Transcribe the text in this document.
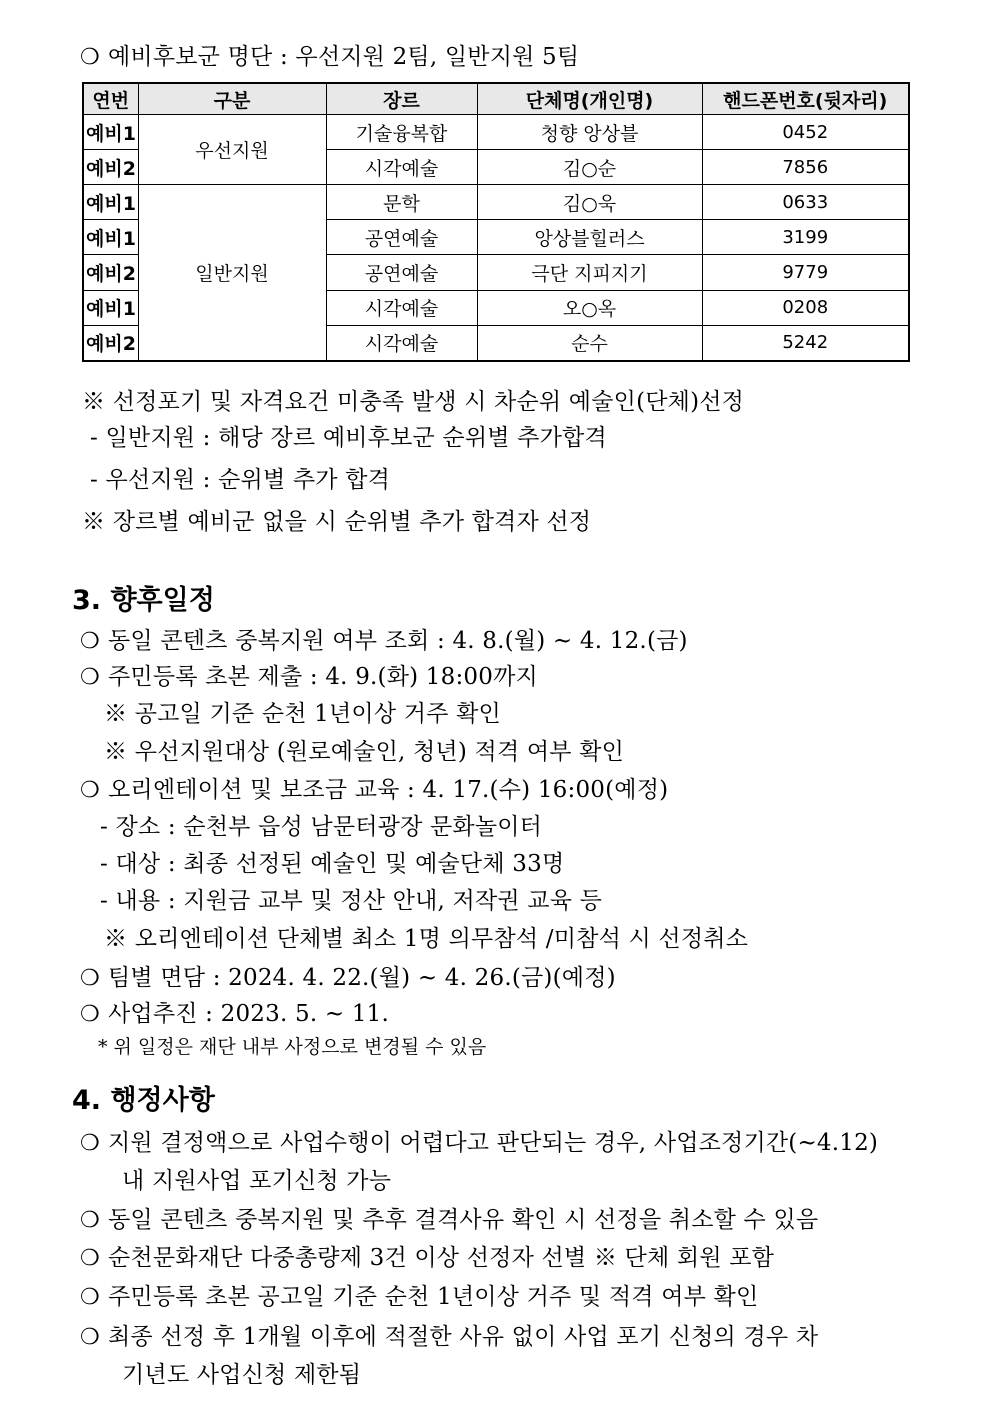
❍ 예비후보군 명단 : 우선지원 2팀, 일반지원 5팀
연번	구분	장르	단체명(개인명)	핸드폰번호(뒷자리)
예비1	우선지원	기술융복합	청향 앙상블	0452
예비2		시각예술	김○순	7856
예비1	일반지원	문학	김○욱	0633
예비1		공연예술	앙상블힐러스	3199
예비2		공연예술	극단 지피지기	9779
예비1		시각예술	오○옥	0208
예비2		시각예술	순수	5242
※ 선정포기 및 자격요건 미충족 발생 시 차순위 예술인(단체)선정
- 일반지원 : 해당 장르 예비후보군 순위별 추가합격
- 우선지원 : 순위별 추가 합격
※ 장르별 예비군 없을 시 순위별 추가 합격자 선정
3. 향후일정
❍ 동일 콘텐츠 중복지원 여부 조회 : 4. 8.(월) ~ 4. 12.(금)
❍ 주민등록 초본 제출 : 4. 9.(화) 18:00까지
※ 공고일 기준 순천 1년이상 거주 확인
※ 우선지원대상 (원로예술인, 청년) 적격 여부 확인
❍ 오리엔테이션 및 보조금 교육 : 4. 17.(수) 16:00(예정)
- 장소 : 순천부 읍성 남문터광장 문화놀이터
- 대상 : 최종 선정된 예술인 및 예술단체 33명
- 내용 : 지원금 교부 및 정산 안내, 저작권 교육 등
※ 오리엔테이션 단체별 최소 1명 의무참석 /미참석 시 선정취소
❍ 팀별 면담 : 2024. 4. 22.(월) ~ 4. 26.(금)(예정)
❍ 사업추진 : 2023. 5. ~ 11.
* 위 일정은 재단 내부 사정으로 변경될 수 있음
4. 행정사항
❍ 지원 결정액으로 사업수행이 어렵다고 판단되는 경우, 사업조정기간(~4.12)
내 지원사업 포기신청 가능
❍ 동일 콘텐츠 중복지원 및 추후 결격사유 확인 시 선정을 취소할 수 있음
❍ 순천문화재단 다중총량제 3건 이상 선정자 선별 ※ 단체 회원 포함
❍ 주민등록 초본 공고일 기준 순천 1년이상 거주 및 적격 여부 확인
❍ 최종 선정 후 1개월 이후에 적절한 사유 없이 사업 포기 신청의 경우 차
기년도 사업신청 제한됨
